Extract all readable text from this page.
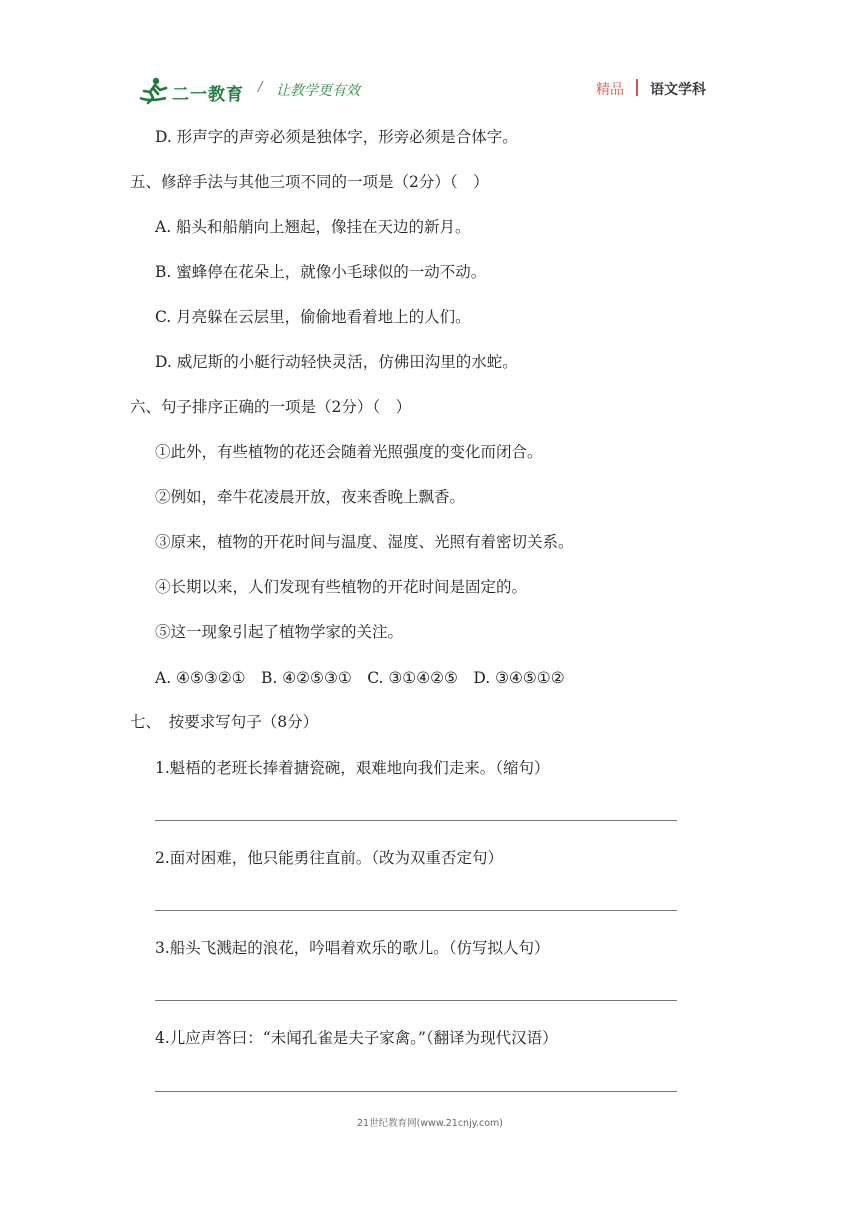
二一教育 / 让教学更有效	精品 语文学科
D. 形声字的声旁必须是独体字，形旁必须是合体字。
五、修辞手法与其他三项不同的一项是（2分）（　）
A. 船头和船艄向上翘起，像挂在天边的新月。
B. 蜜蜂停在花朵上，就像小毛球似的一动不动。
C. 月亮躲在云层里，偷偷地看着地上的人们。
D. 威尼斯的小艇行动轻快灵活，仿佛田沟里的水蛇。
六、句子排序正确的一项是（2分）（　）
①此外，有些植物的花还会随着光照强度的变化而闭合。
②例如，牵牛花凌晨开放，夜来香晚上飘香。
③原来，植物的开花时间与温度、湿度、光照有着密切关系。
④长期以来，人们发现有些植物的开花时间是固定的。
⑤这一现象引起了植物学家的关注。
A. ④⑤③②①　B. ④②⑤③①　C. ③①④②⑤　D. ③④⑤①②
七、　按要求写句子（8分）
1.魁梧的老班长捧着搪瓷碗，艰难地向我们走来。（缩句）
2.面对困难，他只能勇往直前。（改为双重否定句）
3.船头飞溅起的浪花，吟唱着欢乐的歌儿。（仿写拟人句）
4.儿应声答曰：“未闻孔雀是夫子家禽。”（翻译为现代汉语）
21世纪教育网(www.21cnjy.com)
